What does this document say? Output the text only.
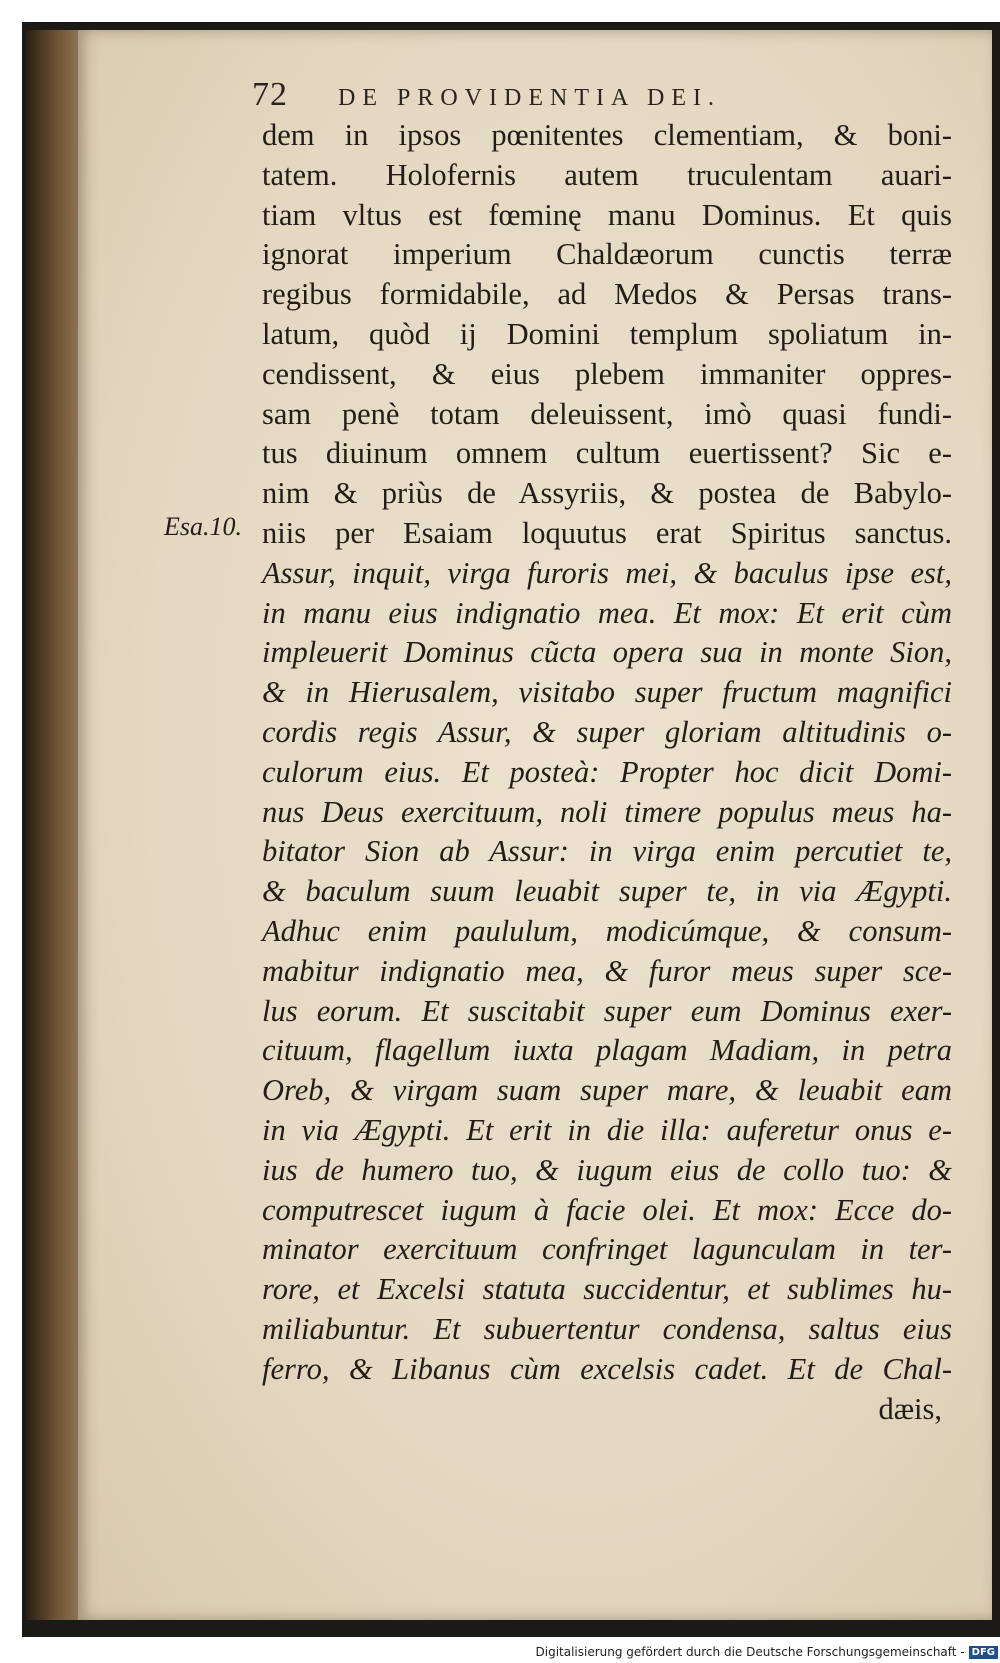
72 DE PROVIDENTIA DEI.
Esa.10.
dem in ipsos pœnitentes clementiam, & boni-
tatem. Holofernis autem truculentam auari-
tiam vltus est fœminę manu Dominus. Et quis
ignorat imperium Chaldæorum cunctis terræ
regibus formidabile, ad Medos & Persas trans-
latum, quòd ij Domini templum spoliatum in-
cendissent, & eius plebem immaniter oppres-
sam penè totam deleuissent, imò quasi fundi-
tus diuinum omnem cultum euertissent? Sic e-
nim & priùs de Assyriis, & postea de Babylo-
niis per Esaiam loquutus erat Spiritus sanctus.
Assur, inquit, virga furoris mei, & baculus ipse est,
in manu eius indignatio mea. Et mox: Et erit cùm
impleuerit Dominus cũcta opera sua in monte Sion,
& in Hierusalem, visitabo super fructum magnifici
cordis regis Assur, & super gloriam altitudinis o-
culorum eius. Et posteà: Propter hoc dicit Domi-
nus Deus exercituum, noli timere populus meus ha-
bitator Sion ab Assur: in virga enim percutiet te,
& baculum suum leuabit super te, in via Ægypti.
Adhuc enim paululum, modicúmque, & consum-
mabitur indignatio mea, & furor meus super sce-
lus eorum. Et suscitabit super eum Dominus exer-
cituum, flagellum iuxta plagam Madiam, in petra
Oreb, & virgam suam super mare, & leuabit eam
in via Ægypti. Et erit in die illa: auferetur onus e-
ius de humero tuo, & iugum eius de collo tuo: &
computrescet iugum à facie olei. Et mox: Ecce do-
minator exercituum confringet lagunculam in ter-
rore, et Excelsi statuta succidentur, et sublimes hu-
miliabuntur. Et subuertentur condensa, saltus eius
ferro, & Libanus cùm excelsis cadet. Et de Chal-
dæis,
Digitalisierung gefördert durch die Deutsche Forschungsgemeinschaft - DFG
